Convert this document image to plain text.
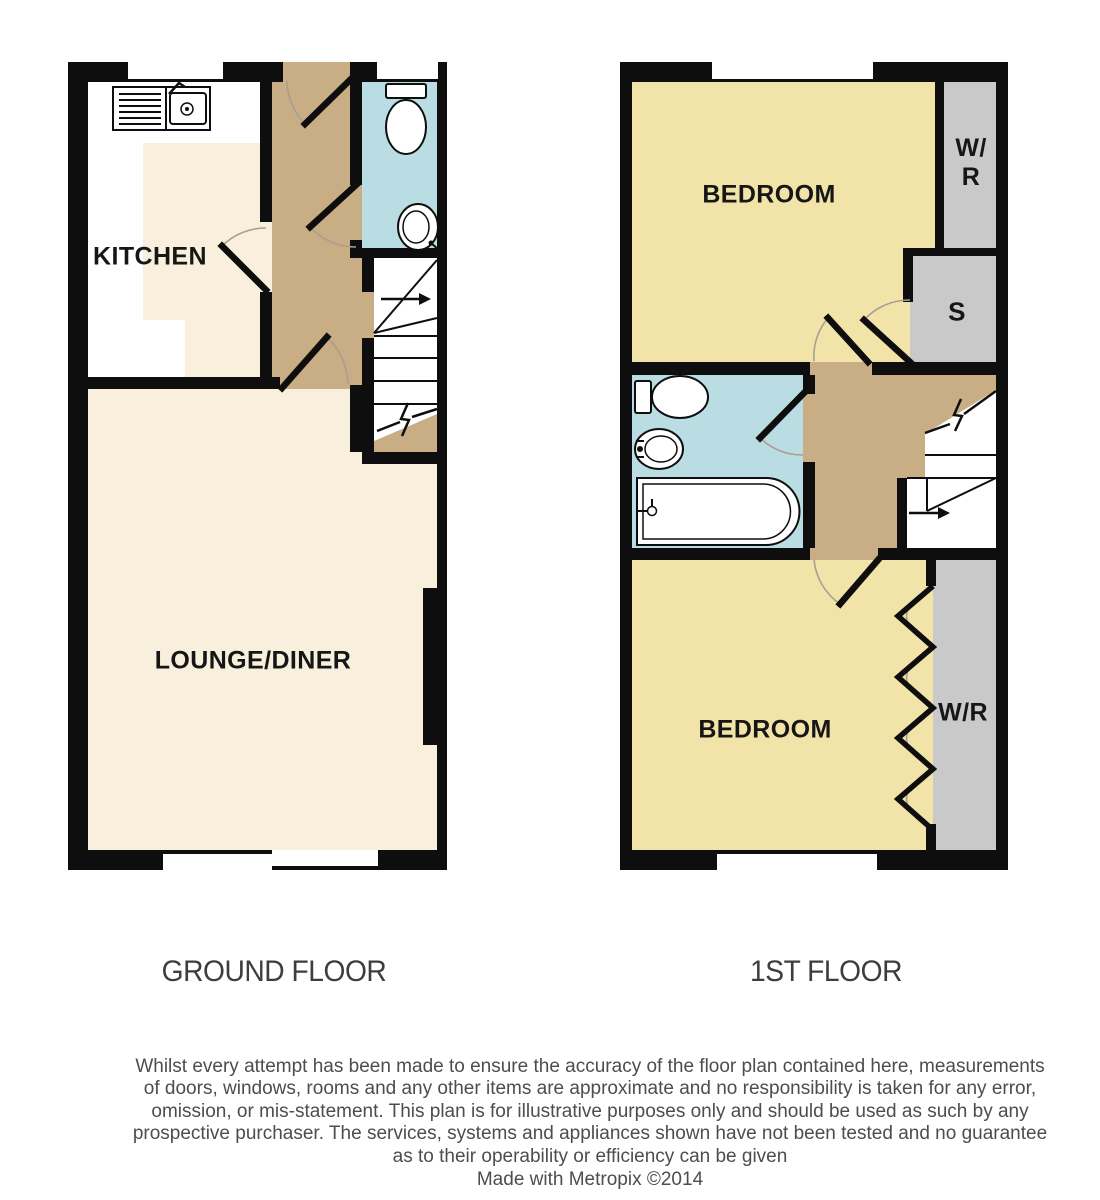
KITCHEN
LOUNGE/DINER
BEDROOM
W/
R
S
BEDROOM
W/R
GROUND FLOOR	1ST FLOOR
Whilst every attempt has been made to ensure the accuracy of the floor plan contained here, measurements
of doors, windows, rooms and any other items are approximate and no responsibility is taken for any error,
omission, or mis-statement. This plan is for illustrative purposes only and should be used as such by any
prospective purchaser. The services, systems and appliances shown have not been tested and no guarantee
as to their operability or efficiency can be given
Made with Metropix ©2014
